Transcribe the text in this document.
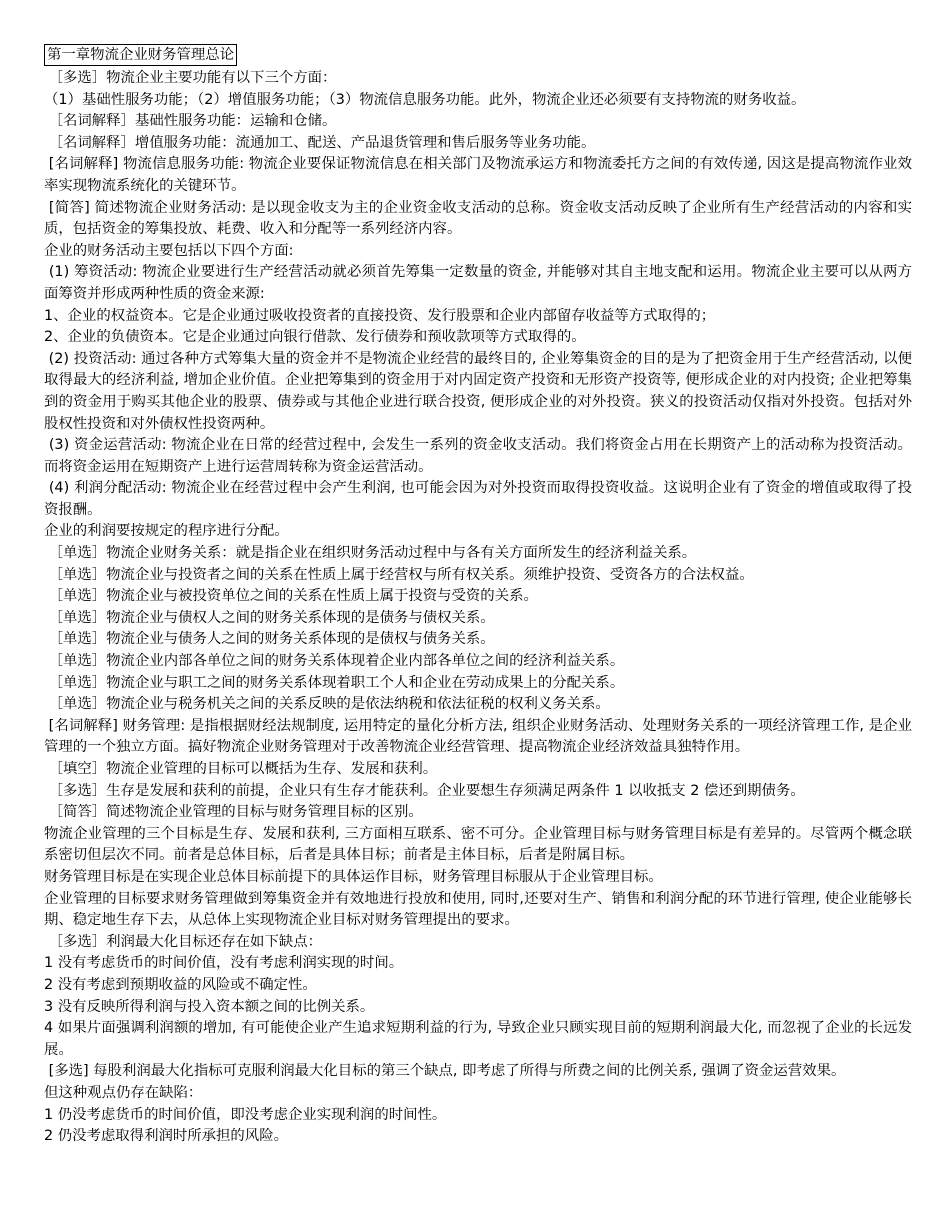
第一章物流企业财务管理总论
［多选］物流企业主要功能有以下三个方面：
（1）基础性服务功能；（2）增值服务功能；（3）物流信息服务功能。此外，物流企业还必须要有支持物流的财务收益。
［名词解释］基础性服务功能：运输和仓储。
［名词解释］增值服务功能：流通加工、配送、产品退货管理和售后服务等业务功能。
[名词解释] 物流信息服务功能: 物流企业要保证物流信息在相关部门及物流承运方和物流委托方之间的有效传递, 因这是提高物流作业效率实现物流系统化的关键环节。
[简答] 简述物流企业财务活动: 是以现金收支为主的企业资金收支活动的总称。资金收支活动反映了企业所有生产经营活动的内容和实质，包括资金的筹集投放、耗费、收入和分配等一系列经济内容。
企业的财务活动主要包括以下四个方面:
(1) 筹资活动: 物流企业要进行生产经营活动就必须首先筹集一定数量的资金, 并能够对其自主地支配和运用。物流企业主要可以从两方面筹资并形成两种性质的资金来源:
1、企业的权益资本。它是企业通过吸收投资者的直接投资、发行股票和企业内部留存收益等方式取得的；
2、企业的负债资本。它是企业通过向银行借款、发行债券和预收款项等方式取得的。
(2) 投资活动: 通过各种方式筹集大量的资金并不是物流企业经营的最终目的, 企业筹集资金的目的是为了把资金用于生产经营活动, 以便取得最大的经济利益, 增加企业价值。企业把筹集到的资金用于对内固定资产投资和无形资产投资等, 便形成企业的对内投资; 企业把筹集到的资金用于购买其他企业的股票、债券或与其他企业进行联合投资, 便形成企业的对外投资。狭义的投资活动仅指对外投资。包括对外股权性投资和对外债权性投资两种。
(3) 资金运营活动: 物流企业在日常的经营过程中, 会发生一系列的资金收支活动。我们将资金占用在长期资产上的活动称为投资活动。而将资金运用在短期资产上进行运营周转称为资金运营活动。
(4) 利润分配活动: 物流企业在经营过程中会产生利润, 也可能会因为对外投资而取得投资收益。这说明企业有了资金的增值或取得了投资报酬。
企业的利润要按规定的程序进行分配。
［单选］物流企业财务关系：就是指企业在组织财务活动过程中与各有关方面所发生的经济利益关系。
［单选］物流企业与投资者之间的关系在性质上属于经营权与所有权关系。须维护投资、受资各方的合法权益。
［单选］物流企业与被投资单位之间的关系在性质上属于投资与受资的关系。
［单选］物流企业与债权人之间的财务关系体现的是债务与债权关系。
［单选］物流企业与债务人之间的财务关系体现的是债权与债务关系。
［单选］物流企业内部各单位之间的财务关系体现着企业内部各单位之间的经济利益关系。
［单选］物流企业与职工之间的财务关系体现着职工个人和企业在劳动成果上的分配关系。
［单选］物流企业与税务机关之间的关系反映的是依法纳税和依法征税的权利义务关系。
[名词解释] 财务管理: 是指根据财经法规制度, 运用特定的量化分析方法, 组织企业财务活动、处理财务关系的一项经济管理工作, 是企业管理的一个独立方面。搞好物流企业财务管理对于改善物流企业经营管理、提高物流企业经济效益具独特作用。
［填空］物流企业管理的目标可以概括为生存、发展和获利。
［多选］生存是发展和获利的前提，企业只有生存才能获利。企业要想生存须满足两条件 1 以收抵支 2 偿还到期债务。
［简答］简述物流企业管理的目标与财务管理目标的区别。
物流企业管理的三个目标是生存、发展和获利, 三方面相互联系、密不可分。企业管理目标与财务管理目标是有差异的。尽管两个概念联系密切但层次不同。前者是总体目标，后者是具体目标；前者是主体目标，后者是附属目标。
财务管理目标是在实现企业总体目标前提下的具体运作目标，财务管理目标服从于企业管理目标。
企业管理的目标要求财务管理做到筹集资金并有效地进行投放和使用, 同时,还要对生产、销售和利润分配的环节进行管理, 使企业能够长期、稳定地生存下去，从总体上实现物流企业目标对财务管理提出的要求。
［多选］利润最大化目标还存在如下缺点：
1 没有考虑货币的时间价值，没有考虑利润实现的时间。
2 没有考虑到预期收益的风险或不确定性。
3 没有反映所得利润与投入资本额之间的比例关系。
4 如果片面强调利润额的增加, 有可能使企业产生追求短期利益的行为, 导致企业只顾实现目前的短期利润最大化, 而忽视了企业的长远发展。
[多选] 每股利润最大化指标可克服利润最大化目标的第三个缺点, 即考虑了所得与所费之间的比例关系, 强调了资金运营效果。
但这种观点仍存在缺陷：
1 仍没考虑货币的时间价值，即没考虑企业实现利润的时间性。
2 仍没考虑取得利润时所承担的风险。
